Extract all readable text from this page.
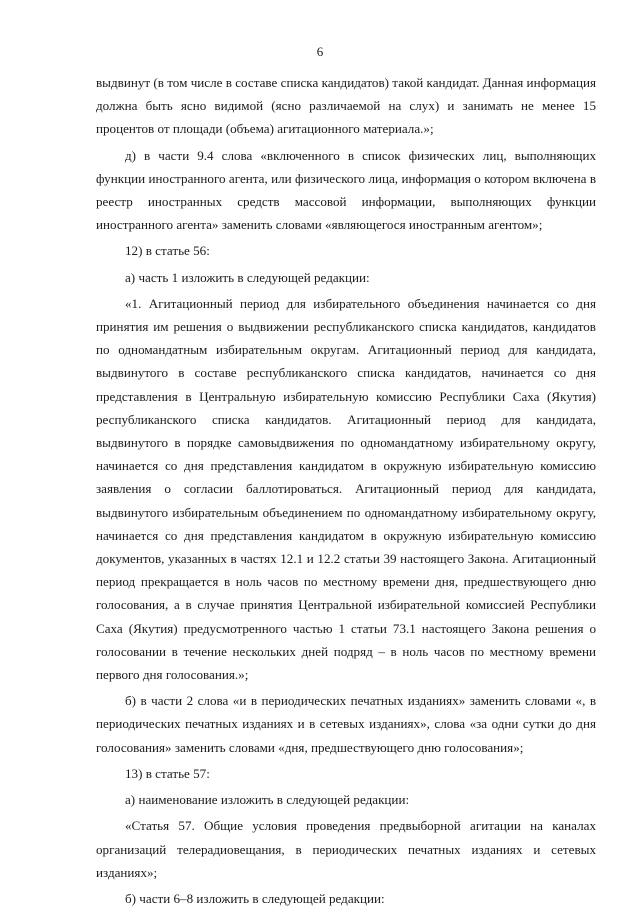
6

выдвинут (в том числе в составе списка кандидатов) такой кандидат. Данная информация должна быть ясно видимой (ясно различаемой на слух) и занимать не менее 15 процентов от площади (объема) агитационного материала.»;

д) в части 9.4 слова «включенного в список физических лиц, выполняющих функции иностранного агента, или физического лица, информация о котором включена в реестр иностранных средств массовой информации, выполняющих функции иностранного агента» заменить словами «являющегося иностранным агентом»;

12) в статье 56:

а) часть 1 изложить в следующей редакции:

«1. Агитационный период для избирательного объединения начинается со дня принятия им решения о выдвижении республиканского списка кандидатов, кандидатов по одномандатным избирательным округам. Агитационный период для кандидата, выдвинутого в составе республиканского списка кандидатов, начинается со дня представления в Центральную избирательную комиссию Республики Саха (Якутия) республиканского списка кандидатов. Агитационный период для кандидата, выдвинутого в порядке самовыдвижения по одномандатному избирательному округу, начинается со дня представления кандидатом в окружную избирательную комиссию заявления о согласии баллотироваться. Агитационный период для кандидата, выдвинутого избирательным объединением по одномандатному избирательному округу, начинается со дня представления кандидатом в окружную избирательную комиссию документов, указанных в частях 12.1 и 12.2 статьи 39 настоящего Закона. Агитационный период прекращается в ноль часов по местному времени дня, предшествующего дню голосования, а в случае принятия Центральной избирательной комиссией Республики Саха (Якутия) предусмотренного частью 1 статьи 73.1 настоящего Закона решения о голосовании в течение нескольких дней подряд – в ноль часов по местному времени первого дня голосования.»;

б) в части 2 слова «и в периодических печатных изданиях» заменить словами «, в периодических печатных изданиях и в сетевых изданиях», слова «за одни сутки до дня голосования» заменить словами «дня, предшествующего дню голосования»;

13) в статье 57:

а) наименование изложить в следующей редакции:

«Статья 57. Общие условия проведения предвыборной агитации на каналах организаций телерадиовещания, в периодических печатных изданиях и сетевых изданиях»;

б) части 6–8 изложить в следующей редакции:
